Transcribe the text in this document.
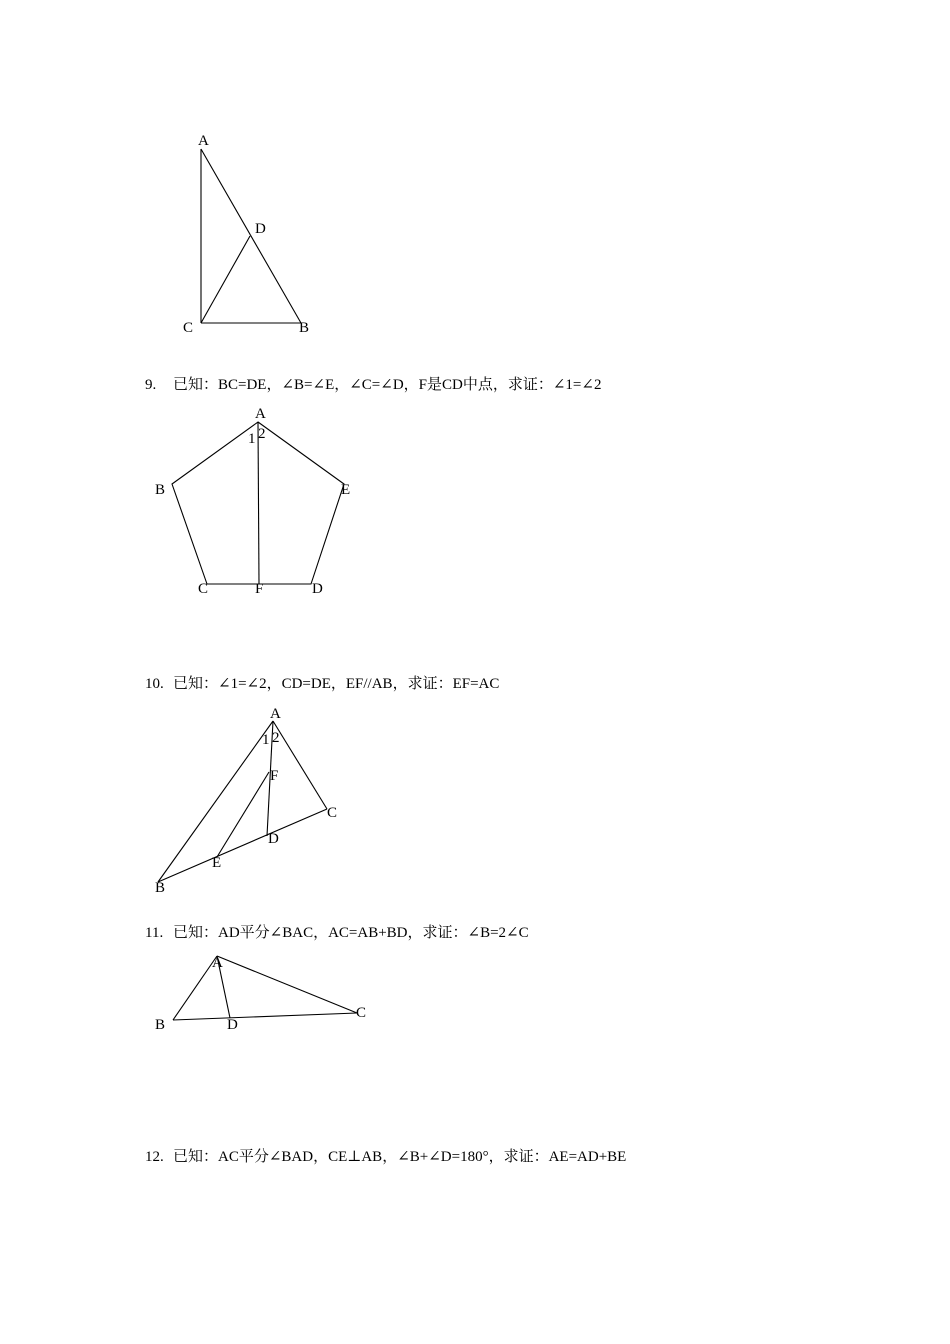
A
D
C	B
9. 已知：BC=DE，∠B=∠E，∠C=∠D，F是CD中点，求证：∠1=∠2
A
1 2
B	E
C	F	D
10. 已知：∠1=∠2，CD=DE，EF//AB，求证：EF=AC
A
1 2
F
C
D
E
B
11. 已知：AD平分∠BAC，AC=AB+BD，求证：∠B=2∠C
A
B	D
C
12. 已知：AC平分∠BAD，CE⊥AB，∠B+∠D=180°，求证：AE=AD+BE
